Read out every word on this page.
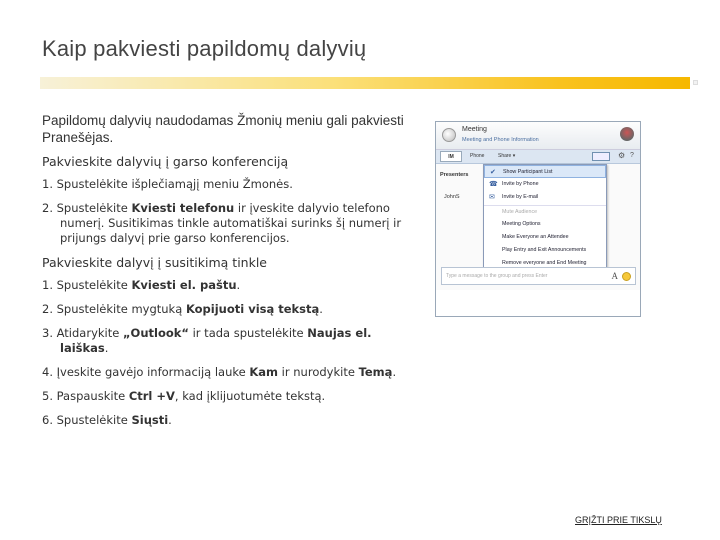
Kaip pakviesti papildomų dalyvių

Papildomų dalyvių naudodamas Žmonių meniu gali pakviesti Pranešėjas.

Pakvieskite dalyvių į garso konferenciją

1. Spustelėkite išplečiamąjį meniu Žmonės.
2. Spustelėkite Kviesti telefonu ir įveskite dalyvio telefono numerį. Susitikimas tinkle automatiškai surinks šį numerį ir prijungs dalyvį prie garso konferencijos.

Pakvieskite dalyvį į susitikimą tinkle

1. Spustelėkite Kviesti el. paštu.
2. Spustelėkite mygtuką Kopijuoti visą tekstą.
3. Atidarykite „Outlook“ ir tada spustelėkite Naujas el. laiškas.
4. Įveskite gavėjo informaciją lauke Kam ir nurodykite Temą.
5. Paspauskite Ctrl +V, kad įklijuotumėte tekstą.
6. Spustelėkite Siųsti.
Meeting
Meeting and Phone Information
IM	Phone	Share ▾	⚙ ?
Presenters
JohnS
✔ Show Participant List
☎ Invite by Phone
✉ Invite by E-mail
Mute Audience
Meeting Options
Make Everyone an Attendee
Play Entry and Exit Announcements
Remove everyone and End Meeting
Type a message to the group and press Enter	A
GRĮŽTI PRIE TIKSLŲ
